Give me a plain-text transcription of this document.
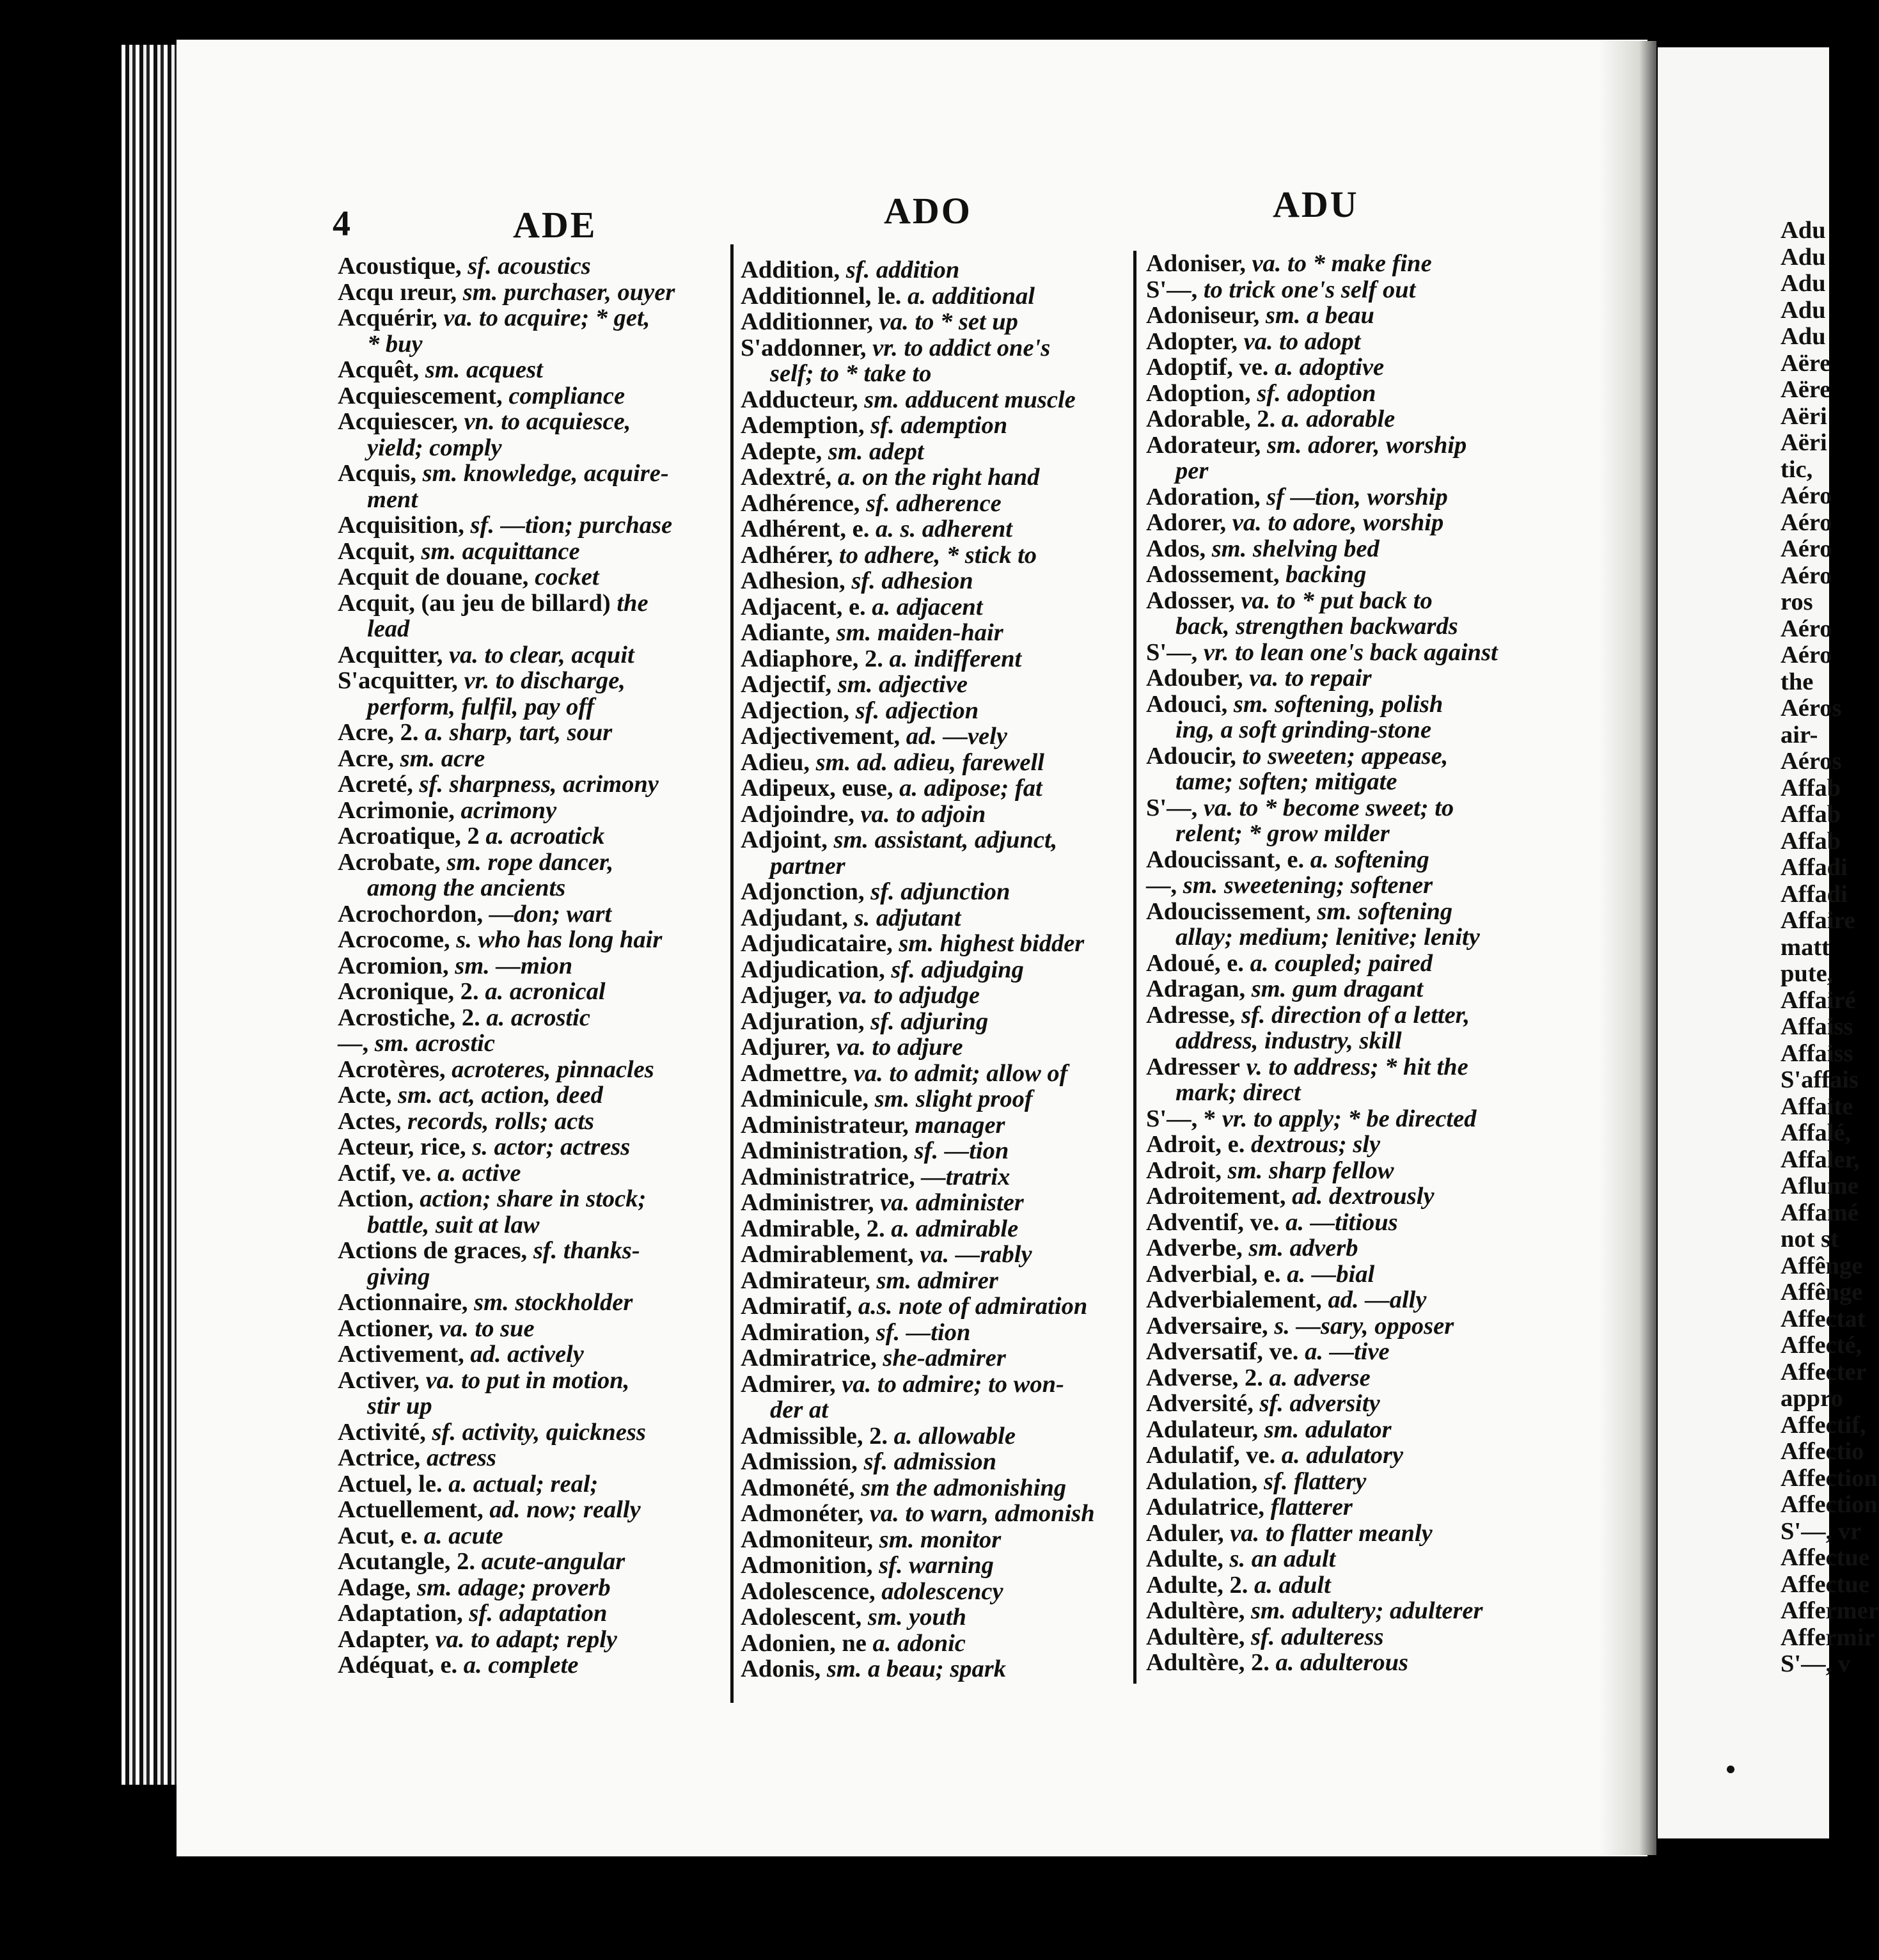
4	ADE	ADO	ADU
Acoustique, sf. acoustics
Acqu ıreur, sm. purchaser, ouyer
Acquérir, va. to acquire; * get,
* buy
Acquêt, sm. acquest
Acquiescement, compliance
Acquiescer, vn. to acquiesce,
yield; comply
Acquis, sm. knowledge, acquire-
ment
Acquisition, sf. —tion; purchase
Acquit, sm. acquittance
Acquit de douane, cocket
Acquit, (au jeu de billard) the
lead
Acquitter, va. to clear, acquit
S'acquitter, vr. to discharge,
perform, fulfil, pay off
Acre, 2. a. sharp, tart, sour
Acre, sm. acre
Acreté, sf. sharpness, acrimony
Acrimonie, acrimony
Acroatique, 2 a. acroatick
Acrobate, sm. rope dancer,
among the ancients
Acrochordon, —don; wart
Acrocome, s. who has long hair
Acromion, sm. —mion
Acronique, 2. a. acronical
Acrostiche, 2. a. acrostic
—, sm. acrostic
Acrotères, acroteres, pinnacles
Acte, sm. act, action, deed
Actes, records, rolls; acts
Acteur, rice, s. actor; actress
Actif, ve. a. active
Action, action; share in stock;
battle, suit at law
Actions de graces, sf. thanks-
giving
Actionnaire, sm. stockholder
Actioner, va. to sue
Activement, ad. actively
Activer, va. to put in motion,
stir up
Activité, sf. activity, quickness
Actrice, actress
Actuel, le. a. actual; real;
Actuellement, ad. now; really
Acut, e. a. acute
Acutangle, 2. acute-angular
Adage, sm. adage; proverb
Adaptation, sf. adaptation
Adapter, va. to adapt; reply
Adéquat, e. a. complete
Addition, sf. addition
Additionnel, le. a. additional
Additionner, va. to * set up
S'addonner, vr. to addict one's
self; to * take to
Adducteur, sm. adducent muscle
Ademption, sf. ademption
Adepte, sm. adept
Adextré, a. on the right hand
Adhérence, sf. adherence
Adhérent, e. a. s. adherent
Adhérer, to adhere, * stick to
Adhesion, sf. adhesion
Adjacent, e. a. adjacent
Adiante, sm. maiden-hair
Adiaphore, 2. a. indifferent
Adjectif, sm. adjective
Adjection, sf. adjection
Adjectivement, ad. —vely
Adieu, sm. ad. adieu, farewell
Adipeux, euse, a. adipose; fat
Adjoindre, va. to adjoin
Adjoint, sm. assistant, adjunct,
partner
Adjonction, sf. adjunction
Adjudant, s. adjutant
Adjudicataire, sm. highest bidder
Adjudication, sf. adjudging
Adjuger, va. to adjudge
Adjuration, sf. adjuring
Adjurer, va. to adjure
Admettre, va. to admit; allow of
Adminicule, sm. slight proof
Administrateur, manager
Administration, sf. —tion
Administratrice, —tratrix
Administrer, va. administer
Admirable, 2. a. admirable
Admirablement, va. —rably
Admirateur, sm. admirer
Admiratif, a.s. note of admiration
Admiration, sf. —tion
Admiratrice, she-admirer
Admirer, va. to admire; to won-
der at
Admissible, 2. a. allowable
Admission, sf. admission
Admonété, sm the admonishing
Admonéter, va. to warn, admonish
Admoniteur, sm. monitor
Admonition, sf. warning
Adolescence, adolescency
Adolescent, sm. youth
Adonien, ne a. adonic
Adonis, sm. a beau; spark
Adoniser, va. to * make fine
S'—, to trick one's self out
Adoniseur, sm. a beau
Adopter, va. to adopt
Adoptif, ve. a. adoptive
Adoption, sf. adoption
Adorable, 2. a. adorable
Adorateur, sm. adorer, worship
per
Adoration, sf —tion, worship
Adorer, va. to adore, worship
Ados, sm. shelving bed
Adossement, backing
Adosser, va. to * put back to
back, strengthen backwards
S'—, vr. to lean one's back against
Adouber, va. to repair
Adouci, sm. softening, polish
ing, a soft grinding-stone
Adoucir, to sweeten; appease,
tame; soften; mitigate
S'—, va. to * become sweet; to
relent; * grow milder
Adoucissant, e. a. softening
—, sm. sweetening; softener
Adoucissement, sm. softening
allay; medium; lenitive; lenity
Adoué, e. a. coupled; paired
Adragan, sm. gum dragant
Adresse, sf. direction of a letter,
address, industry, skill
Adresser v. to address; * hit the
mark; direct
S'—, * vr. to apply; * be directed
Adroit, e. dextrous; sly
Adroit, sm. sharp fellow
Adroitement, ad. dextrously
Adventif, ve. a. —titious
Adverbe, sm. adverb
Adverbial, e. a. —bial
Adverbialement, ad. —ally
Adversaire, s. —sary, opposer
Adversatif, ve. a. —tive
Adverse, 2. a. adverse
Adversité, sf. adversity
Adulateur, sm. adulator
Adulatif, ve. a. adulatory
Adulation, sf. flattery
Adulatrice, flatterer
Aduler, va. to flatter meanly
Adulte, s. an adult
Adulte, 2. a. adult
Adultère, sm. adultery; adulterer
Adultère, sf. adulteress
Adultère, 2. a. adulterous
Adu
Adu
Adu
Adu
Adu
Aëre
Aëre
Aëri
Aëri
tic,
Aéro
Aéro
Aéro
Aéro
ros
Aéro
Aéro
the
Aéros
air-
Aéros
Affab
Affab
Affab
Affadi
Affadi
Affaire
matt
pute,
Affairé
Affaiss
Affaiss
S'affais
Affaite
Affalé,
Affaler,
Aflume
Affamé
not st
Affênge
Affênge
Affectat
Affecté,
Affecter
appro
Affectif,
Affectio
Affection
Affection
S'—, vr
Affectue
Affectue
Affermer
Affermir
S'—, v
